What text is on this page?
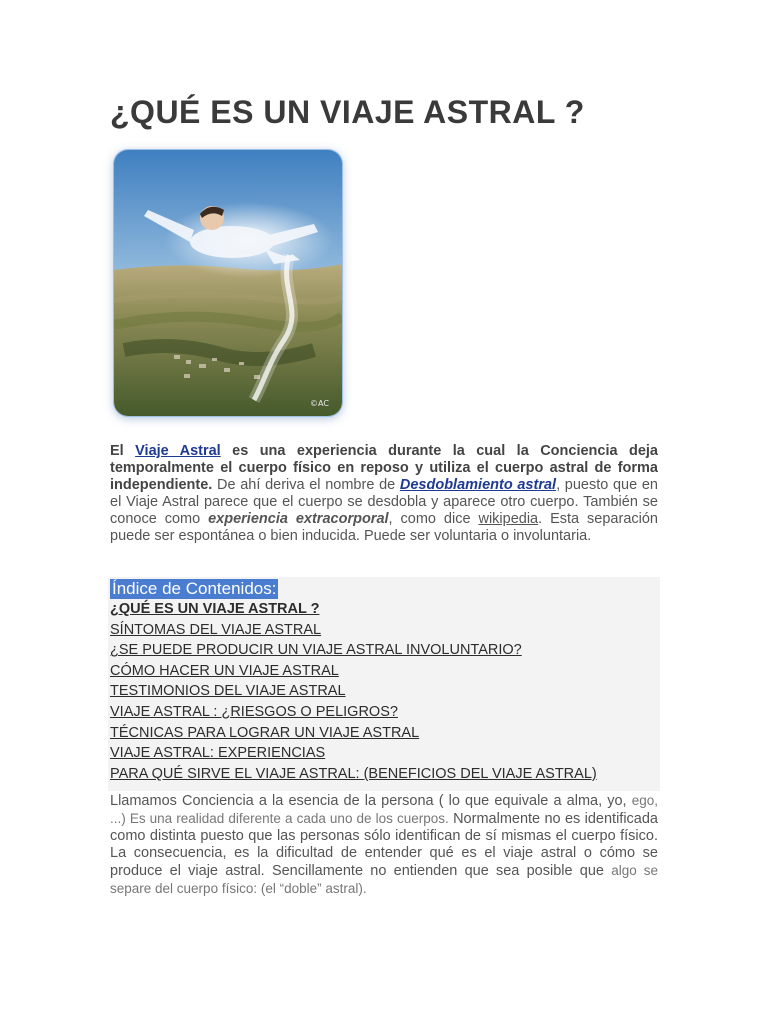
¿QUÉ ES UN VIAJE ASTRAL ?
©AC

El Viaje Astral es una experiencia durante la cual la Conciencia deja temporalmente el cuerpo físico en reposo y utiliza el cuerpo astral de forma independiente. De ahí deriva el nombre de Desdoblamiento astral, puesto que en el Viaje Astral parece que el cuerpo se desdobla y aparece otro cuerpo. También se conoce como experiencia extracorporal, como dice wikipedia. Esta separación puede ser espontánea o bien inducida. Puede ser voluntaria o involuntaria.

Índice de Contenidos:
¿QUÉ ES UN VIAJE ASTRAL ?
SÍNTOMAS DEL VIAJE ASTRAL
¿SE PUEDE PRODUCIR UN VIAJE ASTRAL INVOLUNTARIO?
CÓMO HACER UN VIAJE ASTRAL
TESTIMONIOS DEL VIAJE ASTRAL
VIAJE ASTRAL : ¿RIESGOS O PELIGROS?
TÉCNICAS PARA LOGRAR UN VIAJE ASTRAL
VIAJE ASTRAL: EXPERIENCIAS
PARA QUÉ SIRVE EL VIAJE ASTRAL: (BENEFICIOS DEL VIAJE ASTRAL)

Llamamos Conciencia a la esencia de la persona ( lo que equivale a alma, yo, ego, ...) Es una realidad diferente a cada uno de los cuerpos. Normalmente no es identificada como distinta puesto que las personas sólo identifican de sí mismas el cuerpo físico. La consecuencia, es la dificultad de entender qué es el viaje astral o cómo se produce el viaje astral. Sencillamente no entienden que sea posible que algo se separe del cuerpo físico: (el “doble” astral).
